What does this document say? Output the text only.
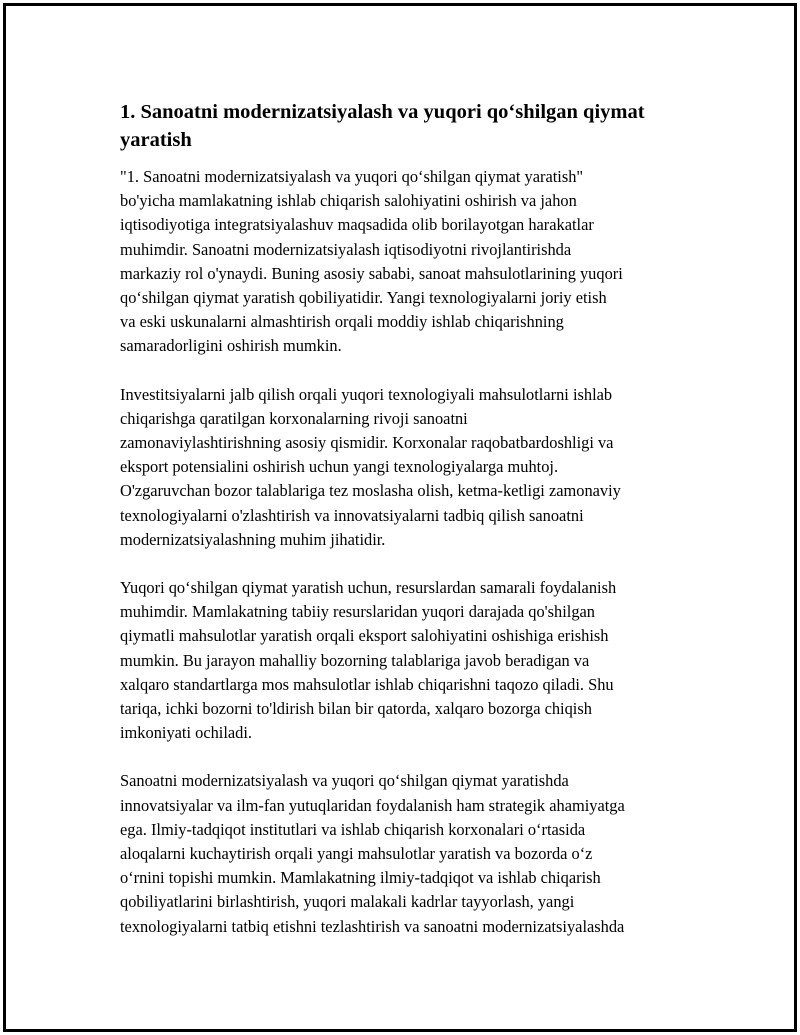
1. Sanoatni modernizatsiyalash va yuqori qo‘shilgan qiymat
yaratish

"1. Sanoatni modernizatsiyalash va yuqori qo‘shilgan qiymat yaratish"
bo'yicha mamlakatning ishlab chiqarish salohiyatini oshirish va jahon
iqtisodiyotiga integratsiyalashuv maqsadida olib borilayotgan harakatlar
muhimdir. Sanoatni modernizatsiyalash iqtisodiyotni rivojlantirishda
markaziy rol o'ynaydi. Buning asosiy sababi, sanoat mahsulotlarining yuqori
qo‘shilgan qiymat yaratish qobiliyatidir. Yangi texnologiyalarni joriy etish
va eski uskunalarni almashtirish orqali moddiy ishlab chiqarishning
samaradorligini oshirish mumkin.

Investitsiyalarni jalb qilish orqali yuqori texnologiyali mahsulotlarni ishlab
chiqarishga qaratilgan korxonalarning rivoji sanoatni
zamonaviylashtirishning asosiy qismidir. Korxonalar raqobatbardoshligi va
eksport potensialini oshirish uchun yangi texnologiyalarga muhtoj.
O'zgaruvchan bozor talablariga tez moslasha olish, ketma-ketligi zamonaviy
texnologiyalarni o'zlashtirish va innovatsiyalarni tadbiq qilish sanoatni
modernizatsiyalashning muhim jihatidir.

Yuqori qo‘shilgan qiymat yaratish uchun, resurslardan samarali foydalanish
muhimdir. Mamlakatning tabiiy resurslaridan yuqori darajada qo'shilgan
qiymatli mahsulotlar yaratish orqali eksport salohiyatini oshishiga erishish
mumkin. Bu jarayon mahalliy bozorning talablariga javob beradigan va
xalqaro standartlarga mos mahsulotlar ishlab chiqarishni taqozo qiladi. Shu
tariqa, ichki bozorni to'ldirish bilan bir qatorda, xalqaro bozorga chiqish
imkoniyati ochiladi.

Sanoatni modernizatsiyalash va yuqori qo‘shilgan qiymat yaratishda
innovatsiyalar va ilm-fan yutuqlaridan foydalanish ham strategik ahamiyatga
ega. Ilmiy-tadqiqot institutlari va ishlab chiqarish korxonalari o‘rtasida
aloqalarni kuchaytirish orqali yangi mahsulotlar yaratish va bozorda o‘z
o‘rnini topishi mumkin. Mamlakatning ilmiy-tadqiqot va ishlab chiqarish
qobiliyatlarini birlashtirish, yuqori malakali kadrlar tayyorlash, yangi
texnologiyalarni tatbiq etishni tezlashtirish va sanoatni modernizatsiyalashda
